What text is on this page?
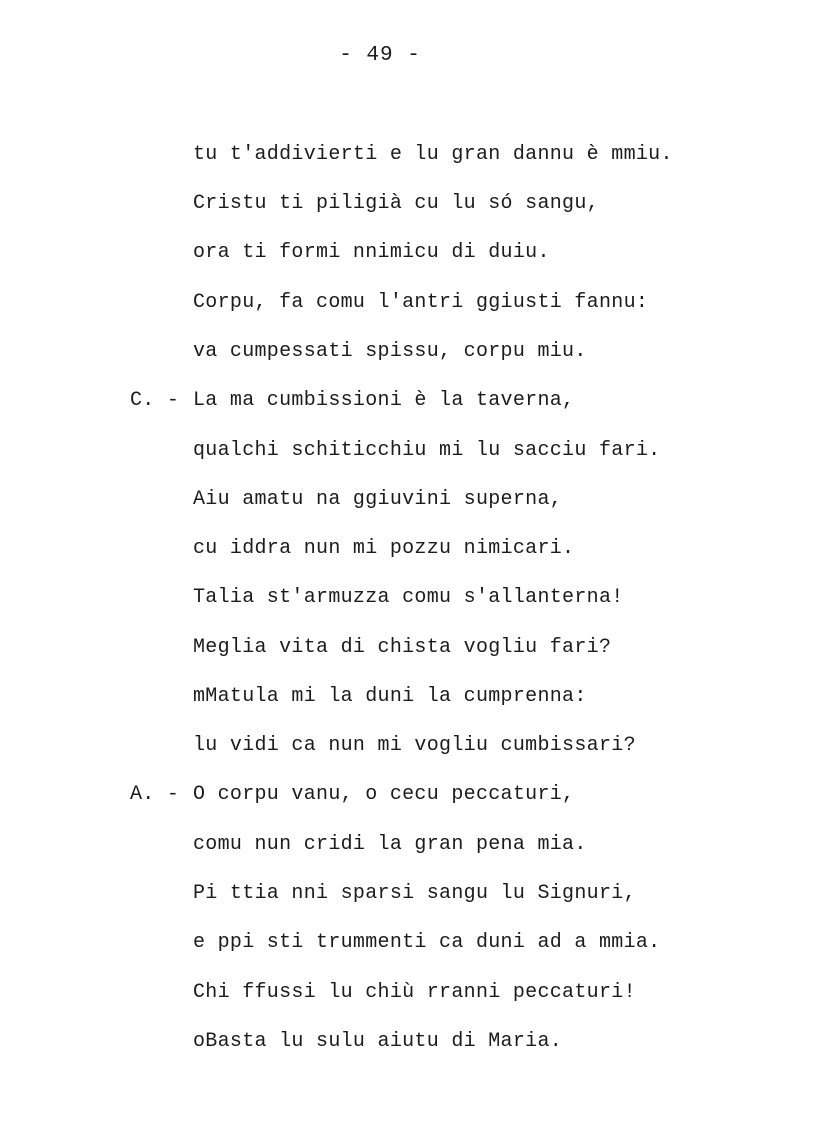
- 49 -
tu t'addivierti e lu gran dannu è mmiu.
Cristu ti piligià cu lu só sangu,
ora ti formi nnimicu di duiu.
Corpu, fa comu l'antri ggiusti fannu:
va cumpessati spissu, corpu miu.
C. - La ma cumbissioni è la taverna,
qualchi schiticchiu mi lu sacciu fari.
Aiu amatu na ggiuvini superna,
cu iddra nun mi pozzu nimicari.
Talia st'armuzza comu s'allanterna!
Meglia vita di chista vogliu fari?
mMatula mi la duni la cumprenna:
lu vidi ca nun mi vogliu cumbissari?
A. - O corpu vanu, o cecu peccaturi,
comu nun cridi la gran pena mia.
Pi ttia nni sparsi sangu lu Signuri,
e ppi sti trummenti ca duni ad a mmia.
Chi ffussi lu chiù rranni peccaturi!
oBasta lu sulu aiutu di Maria.
